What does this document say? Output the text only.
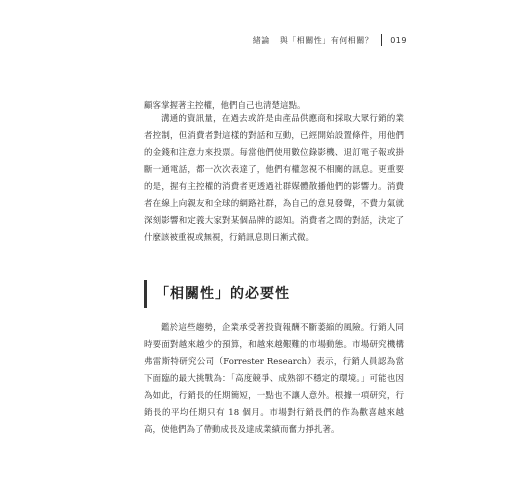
緒論 與「相關性」有何相關？ 019

顧客掌握著主控權，他們自己也清楚這點。

溝通的資訊量，在過去或許是由產品供應商和採取大眾行銷的業者控制，但消費者對這樣的對話和互動，已經開始設置條件，用他們的金錢和注意力來投票。每當他們使用數位錄影機、退訂電子報或掛斷一通電話，都一次次表達了，他們有權忽視不相關的訊息。更重要的是，握有主控權的消費者更透過社群媒體散播他們的影響力。消費者在線上向親友和全球的網路社群，為自己的意見發聲，不費力氣就深刻影響和定義大家對某個品牌的認知。消費者之間的對話，決定了什麼該被重視或無視，行銷訊息則日漸式微。

「相關性」的必要性

鑑於這些趨勢，企業承受著投資報酬不斷萎縮的風險。行銷人同時要面對越來越少的預算，和越來越艱難的市場動態。市場研究機構弗雷斯特研究公司（Forrester Research）表示，行銷人員認為當下面臨的最大挑戰為：「高度競爭、成熟卻不穩定的環境。」可能也因為如此，行銷長的任期簡短，一點也不讓人意外。根據一項研究，行銷長的平均任期只有 18 個月。市場對行銷長們的作為歡喜越來越高，使他們為了帶動成長及達成業績而奮力掙扎著。
